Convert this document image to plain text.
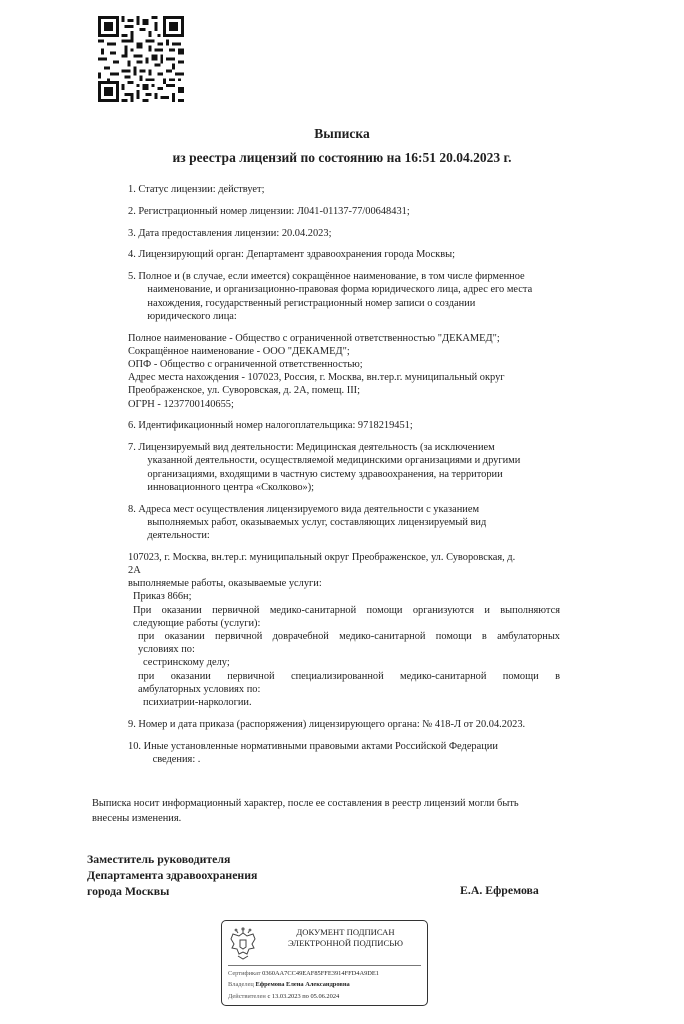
Выписка
из реестра лицензий по состоянию на 16:51 20.04.2023 г.
1. Статус лицензии: действует;
2. Регистрационный номер лицензии: Л041-01137-77/00648431;
3. Дата предоставления лицензии: 20.04.2023;
4. Лицензирующий орган: Департамент здравоохранения города Москвы;
5. Полное и (в случае, если имеется) сокращённое наименование, в том числе фирменное
наименование, и организационно-правовая форма юридического лица, адрес его места
нахождения, государственный регистрационный номер записи о создании
юридического лица:
Полное наименование - Общество с ограниченной ответственностью "ДЕКАМЕД";
Сокращённое наименование - ООО "ДЕКАМЕД";
ОПФ - Общество с ограниченной ответственностью;
Адрес места нахождения - 107023, Россия, г. Москва, вн.тер.г. муниципальный округ
Преображенское, ул. Суворовская, д. 2А, помещ. III;
ОГРН - 1237700140655;
6. Идентификационный номер налогоплательщика: 9718219451;
7. Лицензируемый вид деятельности: Медицинская деятельность (за исключением
указанной деятельности, осуществляемой медицинскими организациями и другими
организациями, входящими в частную систему здравоохранения, на территории
инновационного центра «Сколково»);
8. Адреса мест осуществления лицензируемого вида деятельности с указанием
выполняемых работ, оказываемых услуг, составляющих лицензируемый вид
деятельности:
107023, г. Москва, вн.тер.г. муниципальный округ Преображенское, ул. Суворовская, д.
2А
выполняемые работы, оказываемые услуги:
Приказ 866н;
При оказании первичной медико-санитарной помощи организуются и выполняются
следующие работы (услуги):
при оказании первичной доврачебной медико-санитарной помощи в амбулаторных
условиях по:
сестринскому делу;
при оказании первичной специализированной медико-санитарной помощи в
амбулаторных условиях по:
психиатрии-наркологии.
9. Номер и дата приказа (распоряжения) лицензирующего органа: № 418-Л от 20.04.2023.
10. Иные установленные нормативными правовыми актами Российской Федерации
сведения: .
Выписка носит информационный характер, после ее составления в реестр лицензий могли быть
внесены изменения.
Заместитель руководителя
Департамента здравоохранения
города Москвы	Е.А. Ефремова
ДОКУМЕНТ ПОДПИСАН
ЭЛЕКТРОННОЙ ПОДПИСЬЮ
Сертификат 0360AA7CC49EAF85FFE3914FFD4A9DE1
Владелец Ефремова Елена Александровна
Действителен с 13.03.2023 по 05.06.2024
